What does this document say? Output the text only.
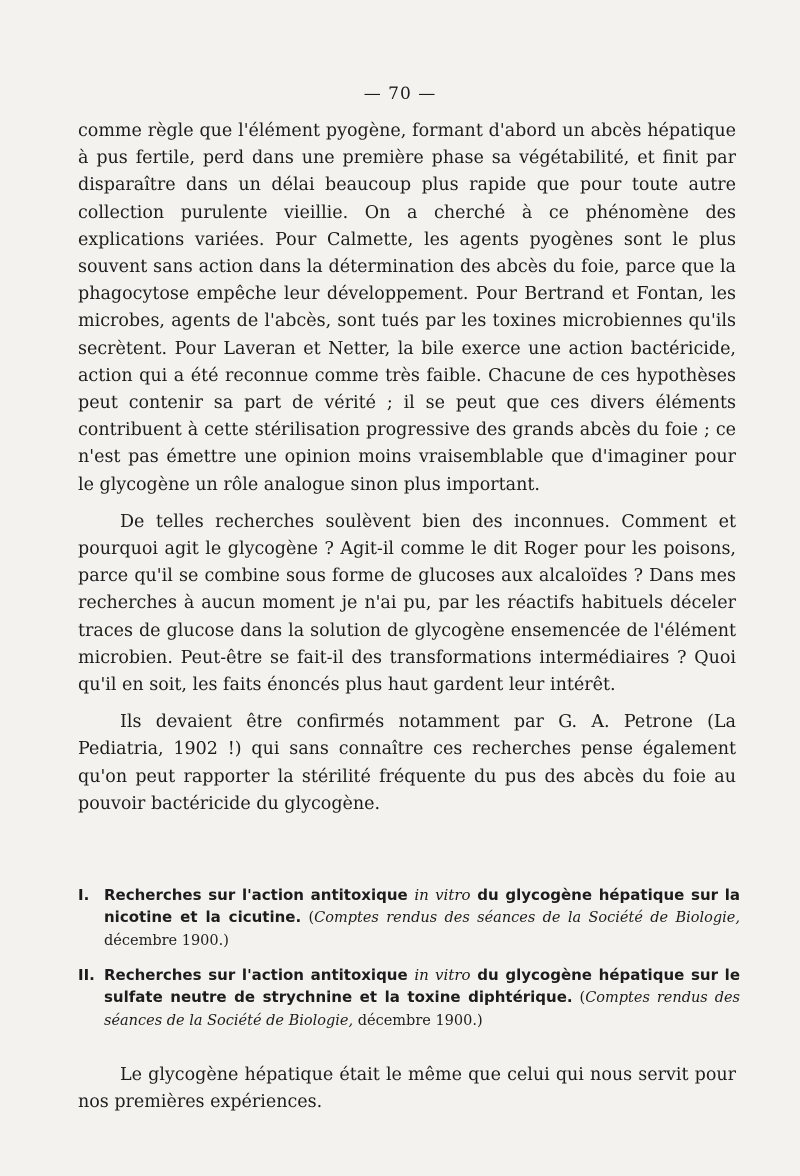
— 70 —

comme règle que l'élément pyogène, formant d'abord un abcès hépatique à pus fertile, perd dans une première phase sa végétabilité, et finit par disparaître dans un délai beaucoup plus rapide que pour toute autre collection purulente vieillie. On a cherché à ce phénomène des explications variées. Pour Calmette, les agents pyogènes sont le plus souvent sans action dans la détermination des abcès du foie, parce que la phagocytose empêche leur développement. Pour Bertrand et Fontan, les microbes, agents de l'abcès, sont tués par les toxines microbiennes qu'ils secrètent. Pour Laveran et Netter, la bile exerce une action bactéricide, action qui a été reconnue comme très faible. Chacune de ces hypothèses peut contenir sa part de vérité ; il se peut que ces divers éléments contribuent à cette stérilisation progressive des grands abcès du foie ; ce n'est pas émettre une opinion moins vraisemblable que d'imaginer pour le glycogène un rôle analogue sinon plus important.

De telles recherches soulèvent bien des inconnues. Comment et pourquoi agit le glycogène ? Agit-il comme le dit Roger pour les poisons, parce qu'il se combine sous forme de glucoses aux alcaloïdes ? Dans mes recherches à aucun moment je n'ai pu, par les réactifs habituels déceler traces de glucose dans la solution de glycogène ensemencée de l'élément microbien. Peut-être se fait-il des transformations intermédiaires ? Quoi qu'il en soit, les faits énoncés plus haut gardent leur intérêt.

Ils devaient être confirmés notamment par G. A. Petrone (La Pediatria, 1902 !) qui sans connaître ces recherches pense également qu'on peut rapporter la stérilité fréquente du pus des abcès du foie au pouvoir bactéricide du glycogène.

I. Recherches sur l'action antitoxique in vitro du glycogène hépatique sur la nicotine et la cicutine. (Comptes rendus des séances de la Société de Biologie, décembre 1900.)
II. Recherches sur l'action antitoxique in vitro du glycogène hépatique sur le sulfate neutre de strychnine et la toxine diphtérique. (Comptes rendus des séances de la Société de Biologie, décembre 1900.)

Le glycogène hépatique était le même que celui qui nous servit pour nos premières expériences.
